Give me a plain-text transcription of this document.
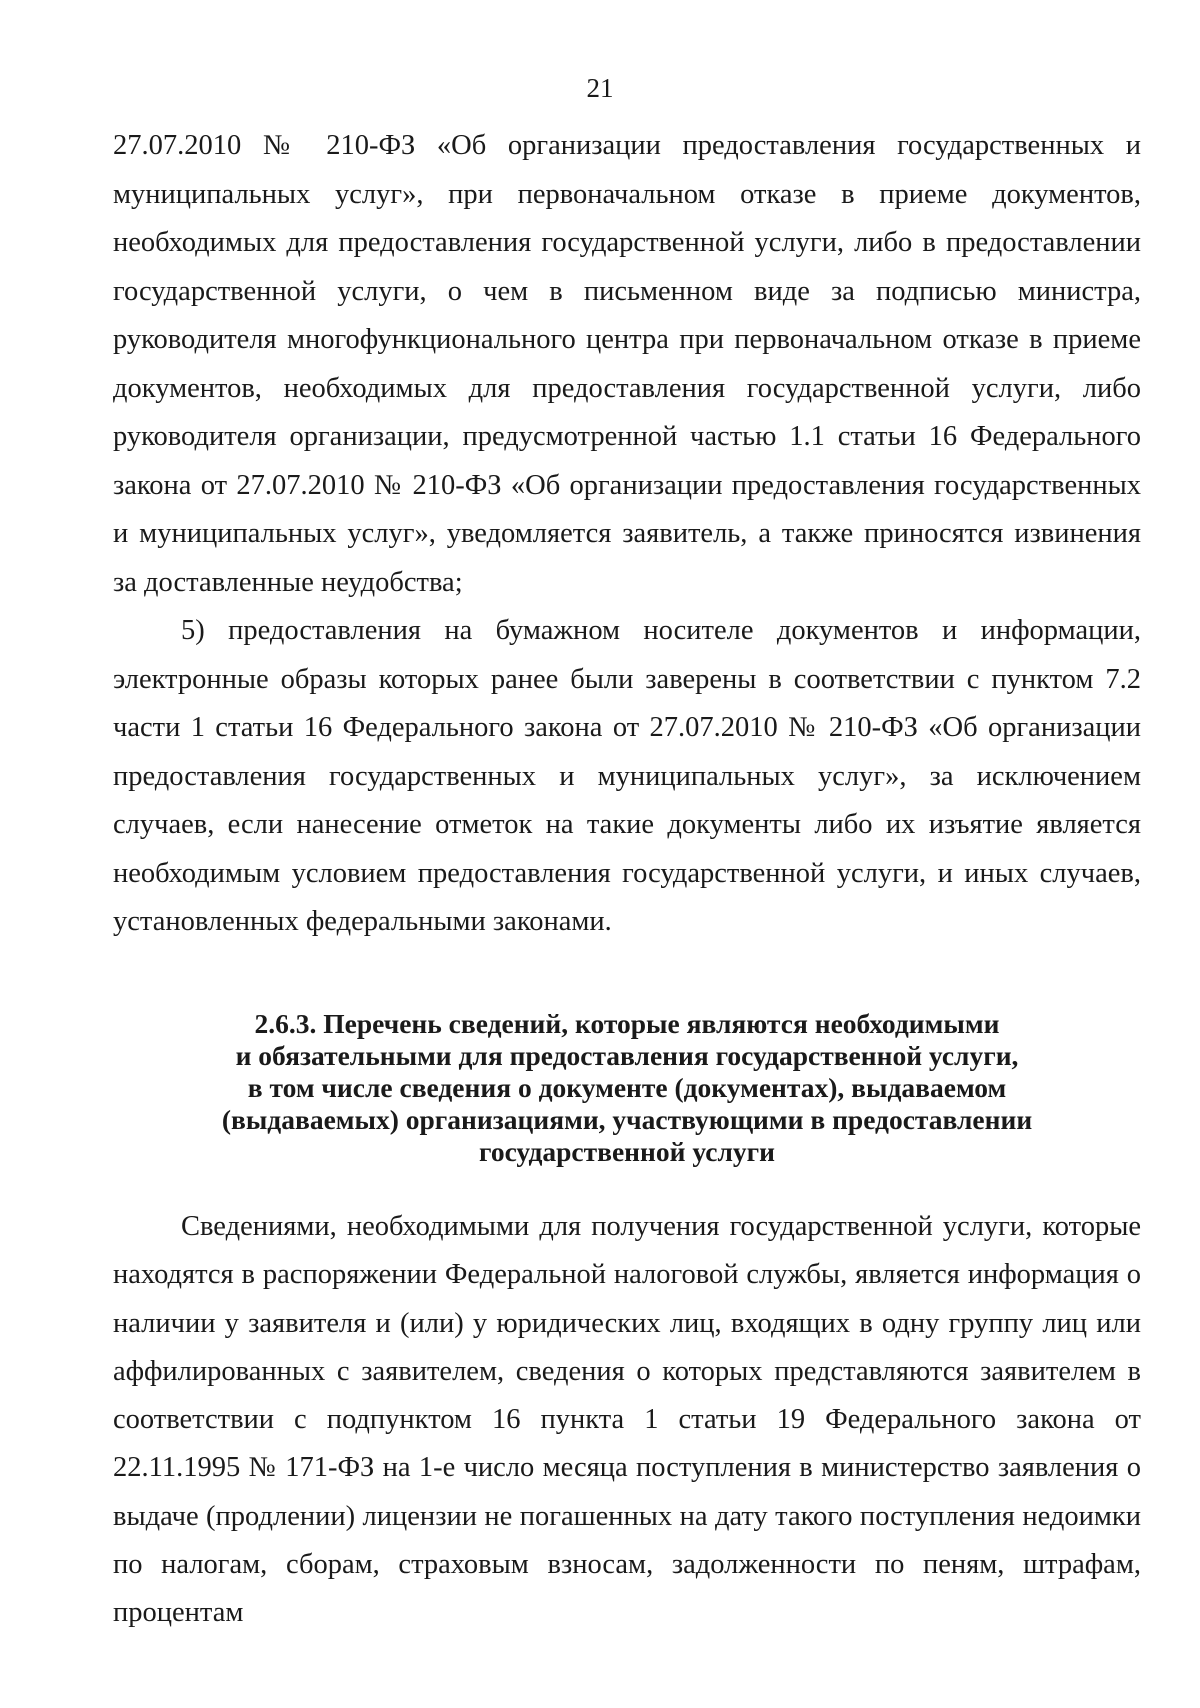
21

27.07.2010 № 210-ФЗ «Об организации предоставления государственных и муниципальных услуг», при первоначальном отказе в приеме документов, необходимых для предоставления государственной услуги, либо в предоставлении государственной услуги, о чем в письменном виде за подписью министра, руководителя многофункционального центра при первоначальном отказе в приеме документов, необходимых для предоставления государственной услуги, либо руководителя организации, предусмотренной частью 1.1 статьи 16 Федерального закона от 27.07.2010 № 210-ФЗ «Об организации предоставления государственных и муниципальных услуг», уведомляется заявитель, а также приносятся извинения за доставленные неудобства;

5) предоставления на бумажном носителе документов и информации, электронные образы которых ранее были заверены в соответствии с пунктом 7.2 части 1 статьи 16 Федерального закона от 27.07.2010 № 210-ФЗ «Об организации предоставления государственных и муниципальных услуг», за исключением случаев, если нанесение отметок на такие документы либо их изъятие является необходимым условием предоставления государственной услуги, и иных случаев, установленных федеральными законами.

2.6.3. Перечень сведений, которые являются необходимыми
и обязательными для предоставления государственной услуги,
в том числе сведения о документе (документах), выдаваемом
(выдаваемых) организациями, участвующими в предоставлении
государственной услуги

Сведениями, необходимыми для получения государственной услуги, которые находятся в распоряжении Федеральной налоговой службы, является информация о наличии у заявителя и (или) у юридических лиц, входящих в одну группу лиц или аффилированных с заявителем, сведения о которых представляются заявителем в соответствии с подпунктом 16 пункта 1 статьи 19 Федерального закона от 22.11.1995 № 171-ФЗ на 1-е число месяца поступления в министерство заявления о выдаче (продлении) лицензии не погашенных на дату такого поступления недоимки по налогам, сборам, страховым взносам, задолженности по пеням, штрафам, процентам
